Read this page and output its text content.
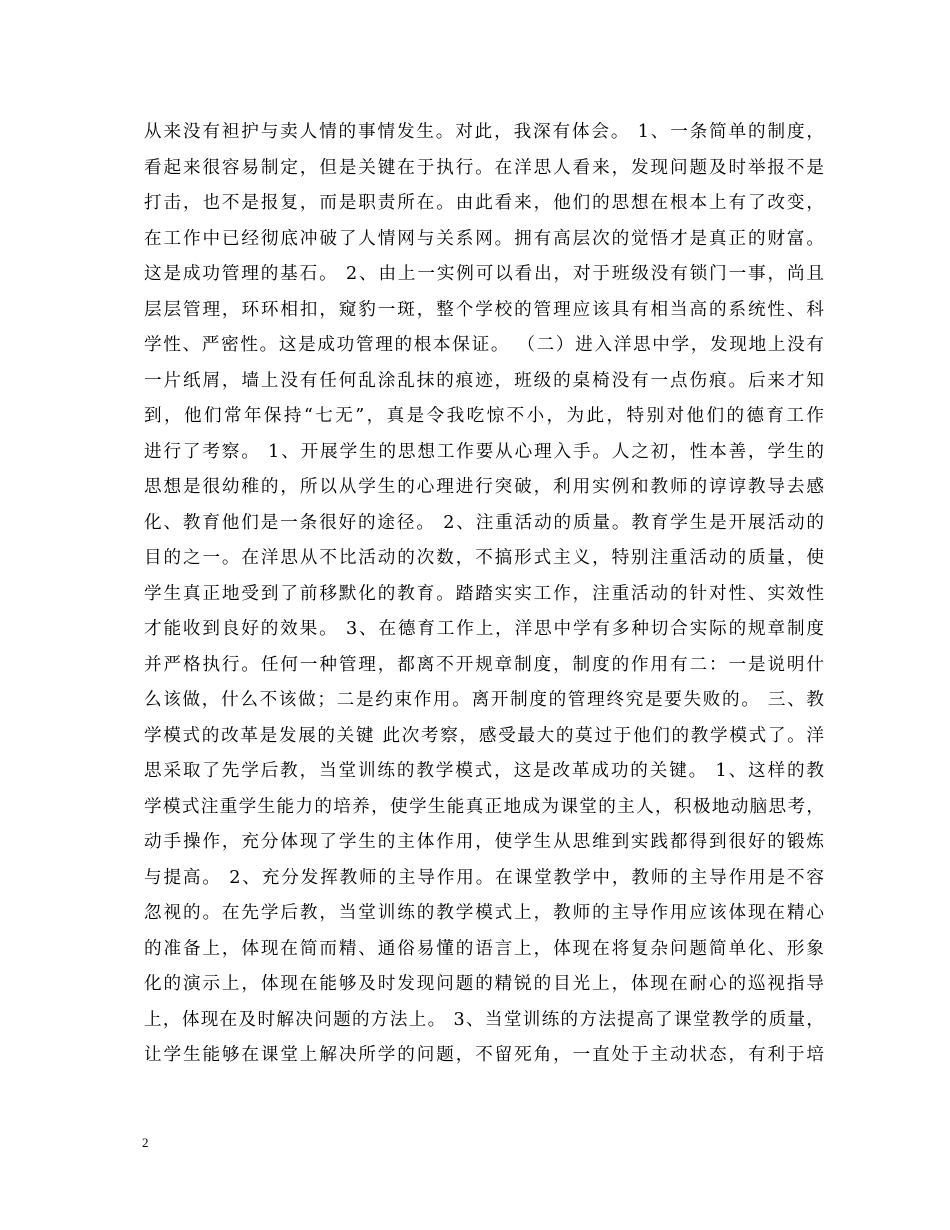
从来没有袒护与卖人情的事情发生。对此，我深有体会。 1、一条简单的制度，
看起来很容易制定，但是关键在于执行。在洋思人看来，发现问题及时举报不是
打击，也不是报复，而是职责所在。由此看来，他们的思想在根本上有了改变，
在工作中已经彻底冲破了人情网与关系网。拥有高层次的觉悟才是真正的财富。
这是成功管理的基石。 2、由上一实例可以看出，对于班级没有锁门一事，尚且
层层管理，环环相扣，窥豹一斑，整个学校的管理应该具有相当高的系统性、科
学性、严密性。这是成功管理的根本保证。 （二）进入洋思中学，发现地上没有
一片纸屑，墙上没有任何乱涂乱抹的痕迹，班级的桌椅没有一点伤痕。后来才知
到，他们常年保持“七无”，真是令我吃惊不小，为此，特别对他们的德育工作
进行了考察。 1、开展学生的思想工作要从心理入手。人之初，性本善，学生的
思想是很幼稚的，所以从学生的心理进行突破，利用实例和教师的谆谆教导去感
化、教育他们是一条很好的途径。 2、注重活动的质量。教育学生是开展活动的
目的之一。在洋思从不比活动的次数，不搞形式主义，特别注重活动的质量，使
学生真正地受到了前移默化的教育。踏踏实实工作，注重活动的针对性、实效性
才能收到良好的效果。 3、在德育工作上，洋思中学有多种切合实际的规章制度
并严格执行。任何一种管理，都离不开规章制度，制度的作用有二：一是说明什
么该做，什么不该做；二是约束作用。离开制度的管理终究是要失败的。 三、教
学模式的改革是发展的关键 此次考察，感受最大的莫过于他们的教学模式了。洋
思采取了先学后教，当堂训练的教学模式，这是改革成功的关键。 1、这样的教
学模式注重学生能力的培养，使学生能真正地成为课堂的主人，积极地动脑思考，
动手操作，充分体现了学生的主体作用，使学生从思维到实践都得到很好的锻炼
与提高。 2、充分发挥教师的主导作用。在课堂教学中，教师的主导作用是不容
忽视的。在先学后教，当堂训练的教学模式上，教师的主导作用应该体现在精心
的准备上，体现在简而精、通俗易懂的语言上，体现在将复杂问题简单化、形象
化的演示上，体现在能够及时发现问题的精锐的目光上，体现在耐心的巡视指导
上，体现在及时解决问题的方法上。 3、当堂训练的方法提高了课堂教学的质量，
让学生能够在课堂上解决所学的问题，不留死角，一直处于主动状态，有利于培
2
